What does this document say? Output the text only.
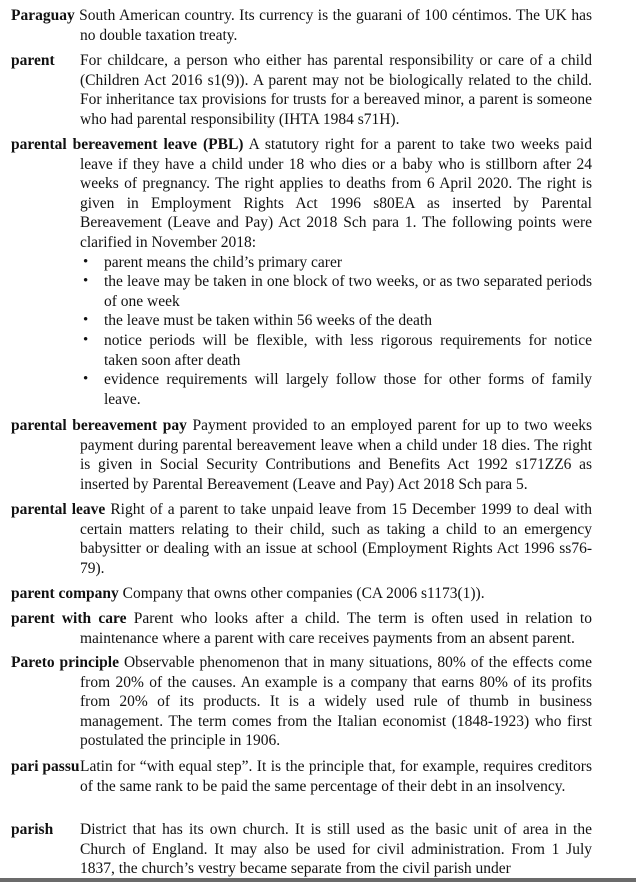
Paraguay South American country. Its currency is the guarani of 100 céntimos. The UK has no double taxation treaty.
parent For childcare, a person who either has parental responsibility or care of a child (Children Act 2016 s1(9)). A parent may not be biologically related to the child. For inheritance tax provisions for trusts for a bereaved minor, a parent is someone who had parental responsibility (IHTA 1984 s71H).
parental bereavement leave (PBL) A statutory right for a parent to take two weeks paid leave if they have a child under 18 who dies or a baby who is stillborn after 24 weeks of pregnancy. The right applies to deaths from 6 April 2020. The right is given in Employment Rights Act 1996 s80EA as inserted by Parental Bereavement (Leave and Pay) Act 2018 Sch para 1. The following points were clarified in November 2018:
• parent means the child’s primary carer
• the leave may be taken in one block of two weeks, or as two separated periods of one week
• the leave must be taken within 56 weeks of the death
• notice periods will be flexible, with less rigorous requirements for notice taken soon after death
• evidence requirements will largely follow those for other forms of family leave.
parental bereavement pay Payment provided to an employed parent for up to two weeks payment during parental bereavement leave when a child under 18 dies. The right is given in Social Security Contributions and Benefits Act 1992 s171ZZ6 as inserted by Parental Bereavement (Leave and Pay) Act 2018 Sch para 5.
parental leave Right of a parent to take unpaid leave from 15 December 1999 to deal with certain matters relating to their child, such as taking a child to an emergency babysitter or dealing with an issue at school (Employment Rights Act 1996 ss76-79).
parent company Company that owns other companies (CA 2006 s1173(1)).
parent with care Parent who looks after a child. The term is often used in relation to maintenance where a parent with care receives payments from an absent parent.
Pareto principle Observable phenomenon that in many situations, 80% of the effects come from 20% of the causes. An example is a company that earns 80% of its profits from 20% of its products. It is a widely used rule of thumb in business management. The term comes from the Italian economist (1848-1923) who first postulated the principle in 1906.
pari passuLatin for “with equal step”. It is the principle that, for example, requires creditors of the same rank to be paid the same percentage of their debt in an insolvency.
parish District that has its own church. It is still used as the basic unit of area in the Church of England. It may also be used for civil administration. From 1 July 1837, the church’s vestry became separate from the civil parish under
